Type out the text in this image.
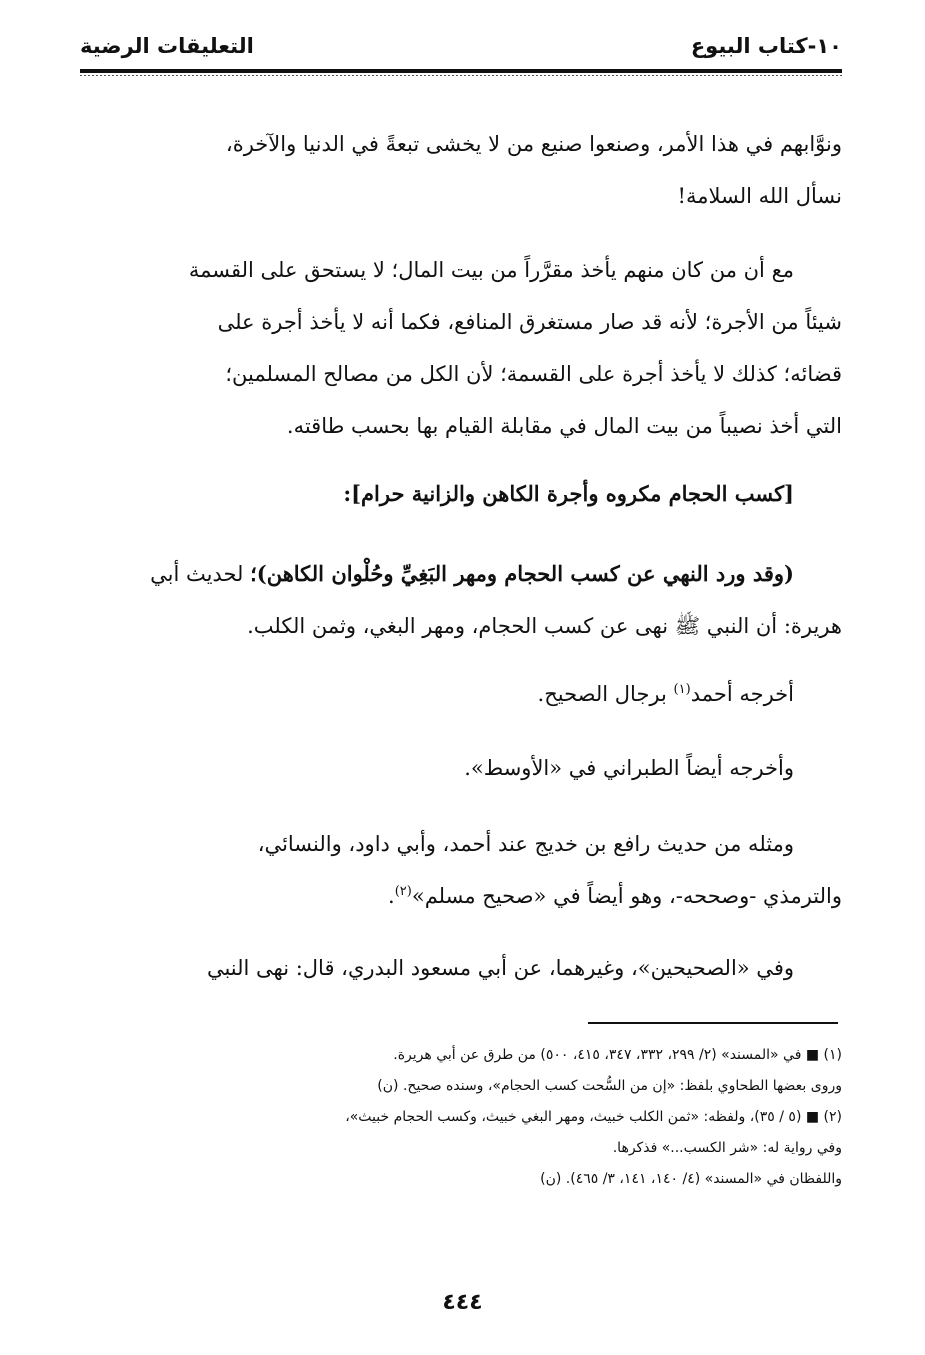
١٠-كتاب البيوع
التعليقات الرضية
ونوَّابهم في هذا الأمر، وصنعوا صنيع من لا يخشى تبعةً في الدنيا والآخرة،
نسأل الله السلامة!
مع أن من كان منهم يأخذ مقرَّراً من بيت المال؛ لا يستحق على القسمة
شيئاً من الأجرة؛ لأنه قد صار مستغرق المنافع، فكما أنه لا يأخذ أجرة على
قضائه؛ كذلك لا يأخذ أجرة على القسمة؛ لأن الكل من مصالح المسلمين؛
التي أخذ نصيباً من بيت المال في مقابلة القيام بها بحسب طاقته.
[كسب الحجام مكروه وأجرة الكاهن والزانية حرام]:
(وقد ورد النهي عن كسب الحجام ومهر البَغِيِّ وحُلْوان الكاهن)؛ لحديث أبي
هريرة: أن النبي ﷺ نهى عن كسب الحجام، ومهر البغي، وثمن الكلب.
أخرجه أحمد$^{(١)}$ برجال الصحيح.
وأخرجه أيضاً الطبراني في «الأوسط».
ومثله من حديث رافع بن خديج عند أحمد، وأبي داود، والنسائي،
والترمذي -وصححه-، وهو أيضاً في «صحيح مسلم»$^{(٢)}$.
وفي «الصحيحين»، وغيرهما، عن أبي مسعود البدري، قال: نهى النبي
(١) ■ في «المسند» (٢/ ٢٩٩، ٣٣٢، ٣٤٧، ٤١٥، ٥٠٠) من طرق عن أبي هريرة.
وروى بعضها الطحاوي بلفظ: «إن من السُّحت كسب الحجام»، وسنده صحيح. (ن)
(٢) ■ (٥ / ٣٥)، ولفظه: «ثمن الكلب خبيث، ومهر البغي خبيث، وكسب الحجام خبيث»،
وفي رواية له: «شر الكسب...» فذكرها.
واللفظان في «المسند» (٤/ ١٤٠، ١٤١، ٣/ ٤٦٥). (ن)
٤٤٤
